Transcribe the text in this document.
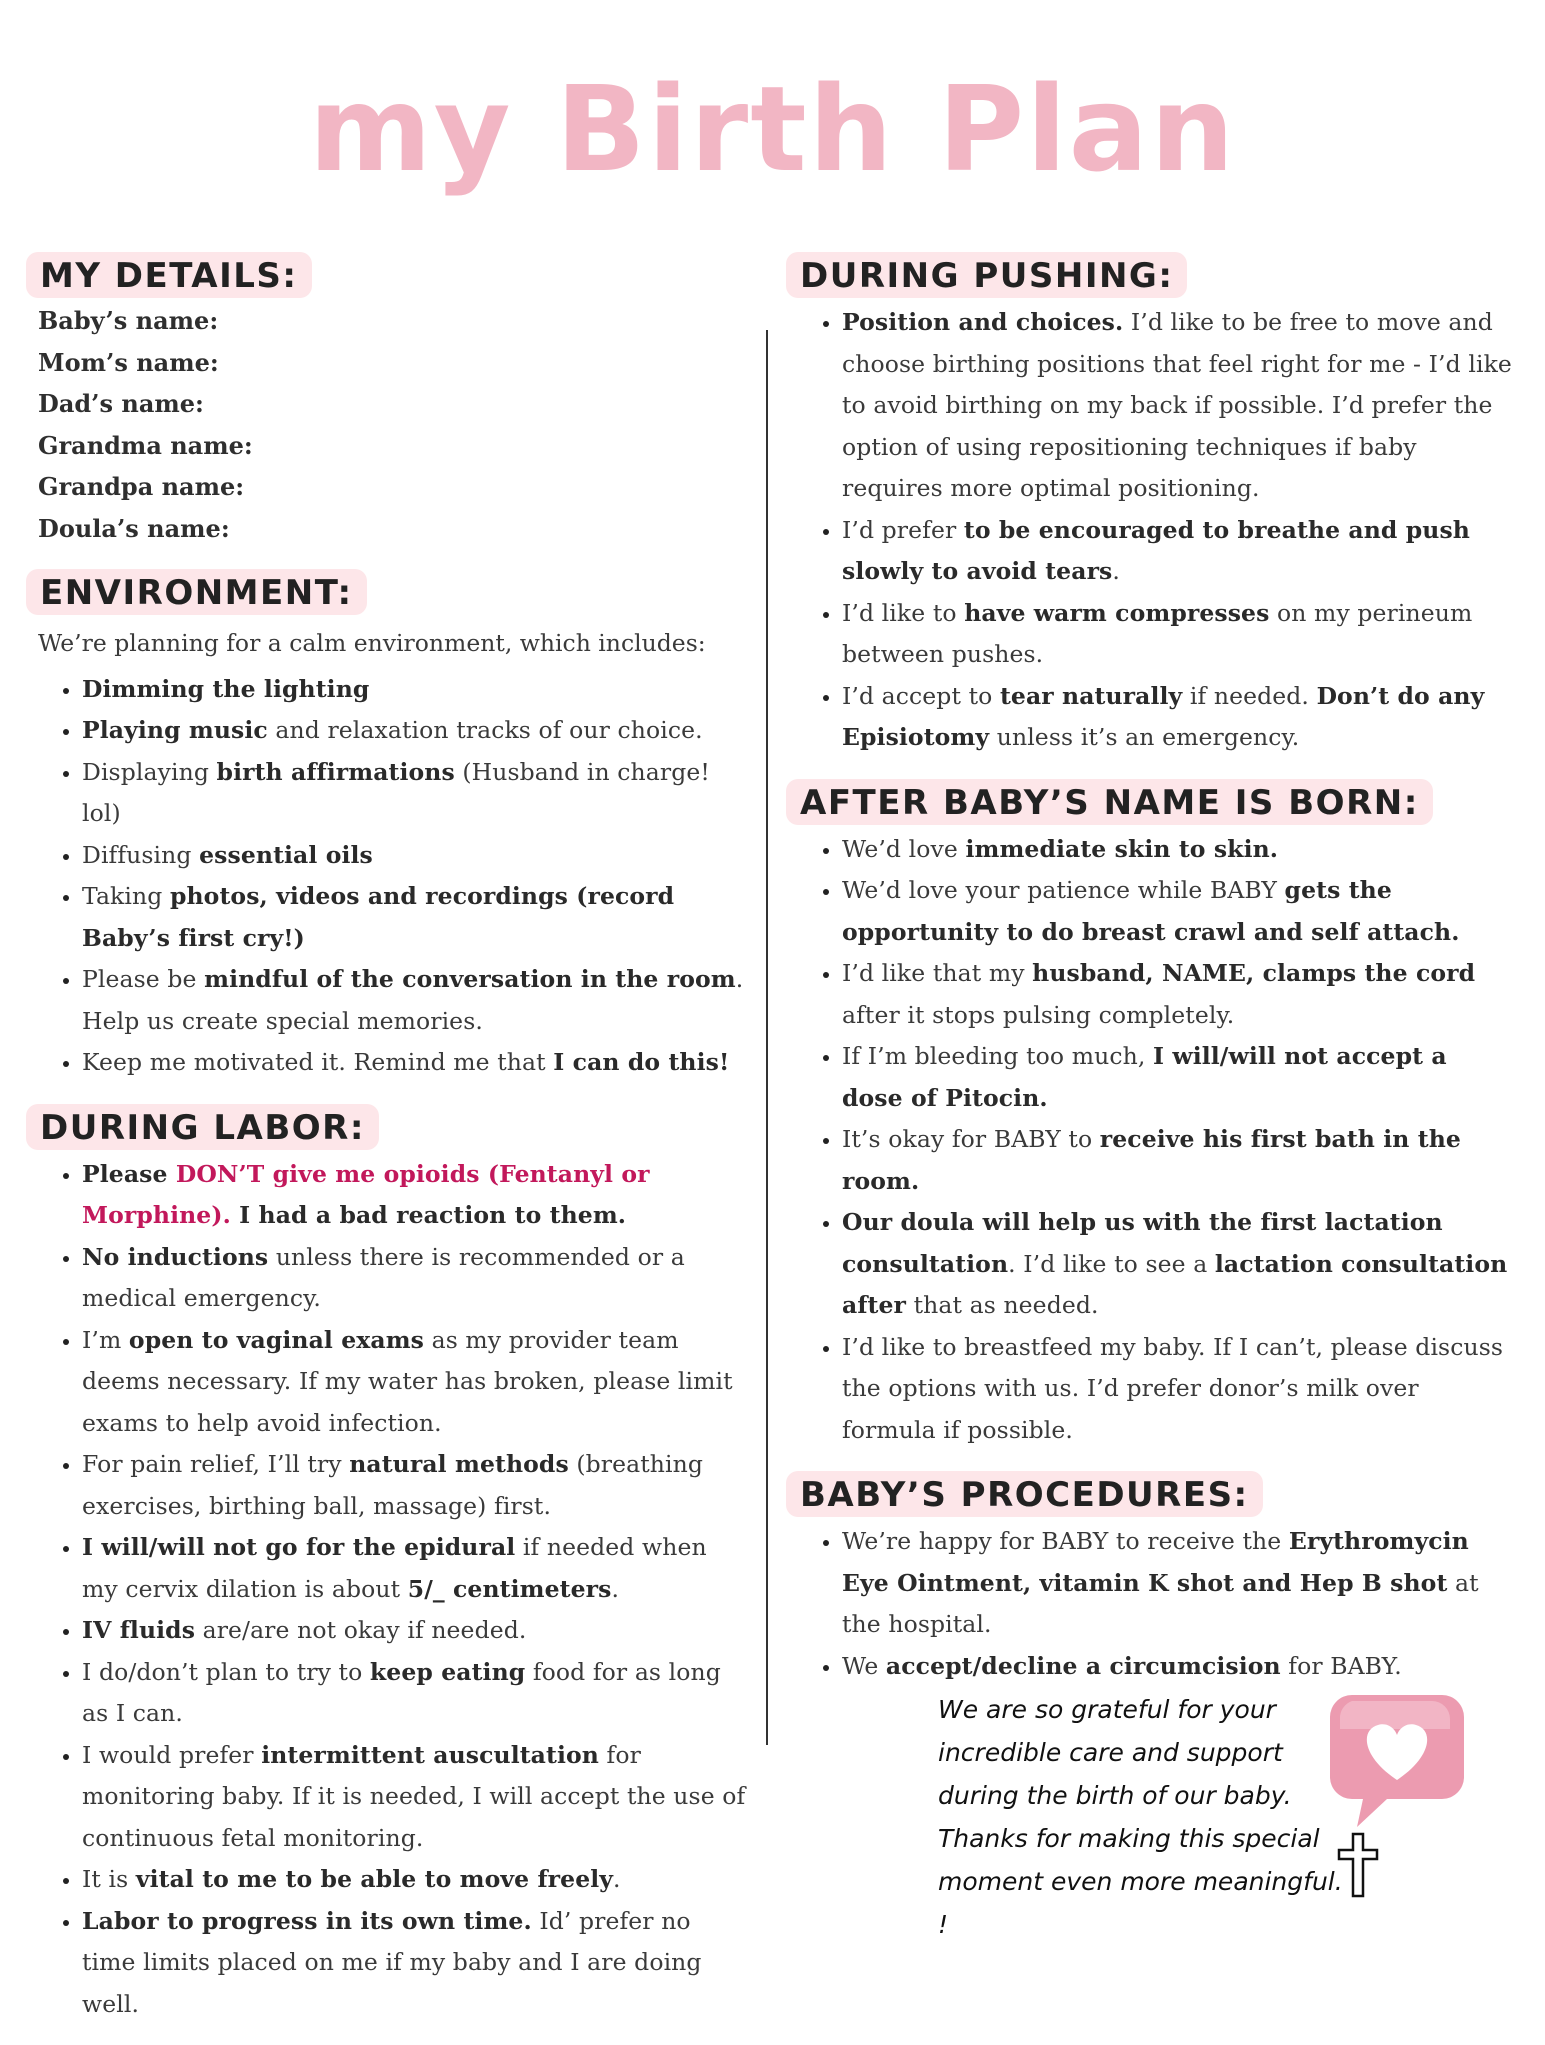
my Birth Plan
MY DETAILS:
Baby’s name:
Mom’s name:
Dad’s name:
Grandma name:
Grandpa name:
Doula’s name:
ENVIRONMENT:
We’re planning for a calm environment, which includes:
• Dimming the lighting
• Playing music and relaxation tracks of our choice.
• Displaying birth affirmations (Husband in charge! lol)
• Diffusing essential oils
• Taking photos, videos and recordings (record Baby’s first cry!)
• Please be mindful of the conversation in the room. Help us create special memories.
• Keep me motivated it. Remind me that I can do this!
DURING LABOR:
• Please DON’T give me opioids (Fentanyl or Morphine). I had a bad reaction to them.
• No inductions unless there is recommended or a medical emergency.
• I’m open to vaginal exams as my provider team deems necessary. If my water has broken, please limit exams to help avoid infection.
• For pain relief, I’ll try natural methods (breathing exercises, birthing ball, massage) first.
• I will/will not go for the epidural if needed when my cervix dilation is about 5/_ centimeters.
• IV fluids are/are not okay if needed.
• I do/don’t plan to try to keep eating food for as long as I can.
• I would prefer intermittent auscultation for monitoring baby. If it is needed, I will accept the use of continuous fetal monitoring.
• It is vital to me to be able to move freely.
• Labor to progress in its own time. Id’ prefer no time limits placed on me if my baby and I are doing well.
DURING PUSHING:
• Position and choices. I’d like to be free to move and choose birthing positions that feel right for me - I’d like to avoid birthing on my back if possible. I’d prefer the option of using repositioning techniques if baby requires more optimal positioning.
• I’d prefer to be encouraged to breathe and push slowly to avoid tears.
• I’d like to have warm compresses on my perineum between pushes.
• I’d accept to tear naturally if needed. Don’t do any Episiotomy unless it’s an emergency.
AFTER BABY’S NAME IS BORN:
• We’d love immediate skin to skin.
• We’d love your patience while BABY gets the opportunity to do breast crawl and self attach.
• I’d like that my husband, NAME, clamps the cord after it stops pulsing completely.
• If I’m bleeding too much, I will/will not accept a dose of Pitocin.
• It’s okay for BABY to receive his first bath in the room.
• Our doula will help us with the first lactation consultation. I’d like to see a lactation consultation after that as needed.
• I’d like to breastfeed my baby. If I can’t, please discuss the options with us. I’d prefer donor’s milk over formula if possible.
BABY’S PROCEDURES:
• We’re happy for BABY to receive the Erythromycin Eye Ointment, vitamin K shot and Hep B shot at the hospital.
• We accept/decline a circumcision for BABY.
We are so grateful for your incredible care and support during the birth of our baby. Thanks for making this special moment even more meaningful. !
